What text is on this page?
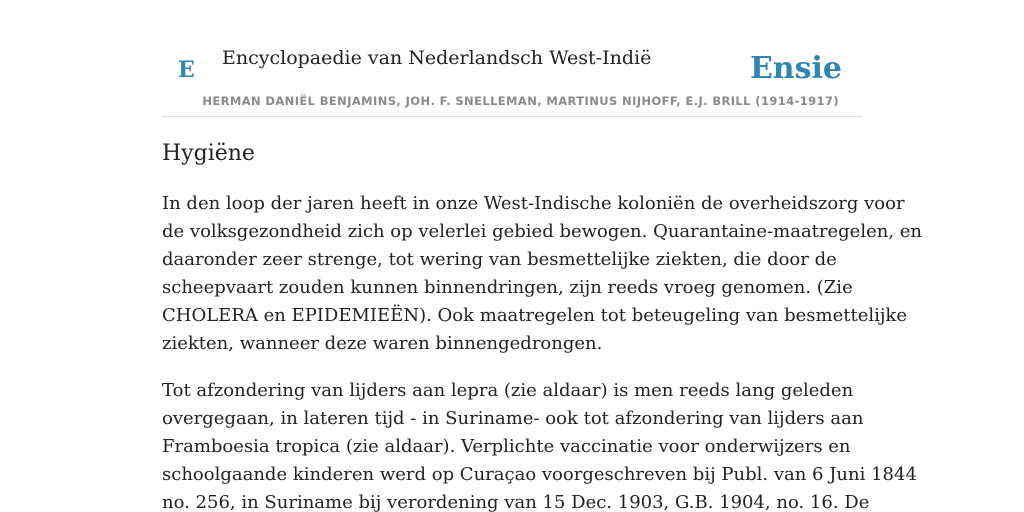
E Encyclopaedie van Nederlandsch West-Indië	Ensie
HERMAN DANIËL BENJAMINS, JOH. F. SNELLEMAN, MARTINUS NIJHOFF, E.J. BRILL (1914-1917)
Hygiëne

In den loop der jaren heeft in onze West-Indische koloniën de overheidszorg voor
de volksgezondheid zich op velerlei gebied bewogen. Quarantaine-maatregelen, en
daaronder zeer strenge, tot wering van besmettelijke ziekten, die door de
scheepvaart zouden kunnen binnendringen, zijn reeds vroeg genomen. (Zie
CHOLERA en EPIDEMIEËN). Ook maatregelen tot beteugeling van besmettelijke
ziekten, wanneer deze waren binnengedrongen.

Tot afzondering van lijders aan lepra (zie aldaar) is men reeds lang geleden
overgegaan, in lateren tijd - in Suriname- ook tot afzondering van lijders aan
Framboesia tropica (zie aldaar). Verplichte vaccinatie voor onderwijzers en
schoolgaande kinderen werd op Curaçao voorgeschreven bij Publ. van 6 Juni 1844
no. 256, in Suriname bij verordening van 15 Dec. 1903, G.B. 1904, no. 16. De
